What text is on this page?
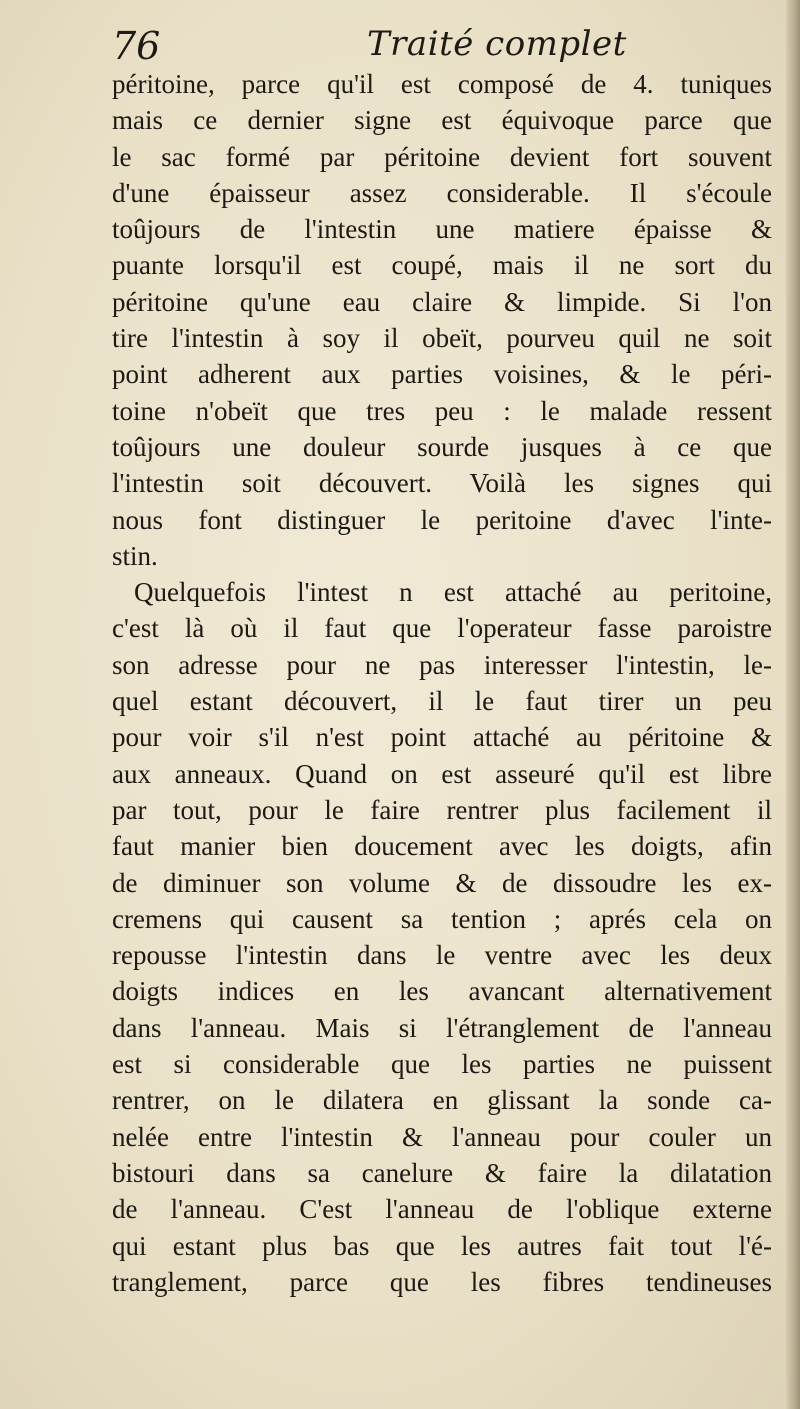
76	Traité complet
péritoine, parce qu'il est composé de 4. tuniques
mais ce dernier signe est équivoque parce que
le sac formé par péritoine devient fort souvent
d'une épaisseur assez considerable. Il s'écoule
toûjours de l'intestin une matiere épaisse &
puante lorsqu'il est coupé, mais il ne sort du
péritoine qu'une eau claire & limpide. Si l'on
tire l'intestin à soy il obeït, pourveu quil ne soit
point adherent aux parties voisines, & le péri-
toine n'obeït que tres peu : le malade ressent
toûjours une douleur sourde jusques à ce que
l'intestin soit découvert. Voilà les signes qui
nous font distinguer le peritoine d'avec l'inte-
stin.
Quelquefois l'intest n est attaché au peritoine,
c'est là où il faut que l'operateur fasse paroistre
son adresse pour ne pas interesser l'intestin, le-
quel estant découvert, il le faut tirer un peu
pour voir s'il n'est point attaché au péritoine &
aux anneaux. Quand on est asseuré qu'il est libre
par tout, pour le faire rentrer plus facilement il
faut manier bien doucement avec les doigts, afin
de diminuer son volume & de dissoudre les ex-
cremens qui causent sa tention ; aprés cela on
repousse l'intestin dans le ventre avec les deux
doigts indices en les avancant alternativement
dans l'anneau. Mais si l'étranglement de l'anneau
est si considerable que les parties ne puissent
rentrer, on le dilatera en glissant la sonde ca-
nelée entre l'intestin & l'anneau pour couler un
bistouri dans sa canelure & faire la dilatation
de l'anneau. C'est l'anneau de l'oblique externe
qui estant plus bas que les autres fait tout l'é-
tranglement, parce que les fibres tendineuses
